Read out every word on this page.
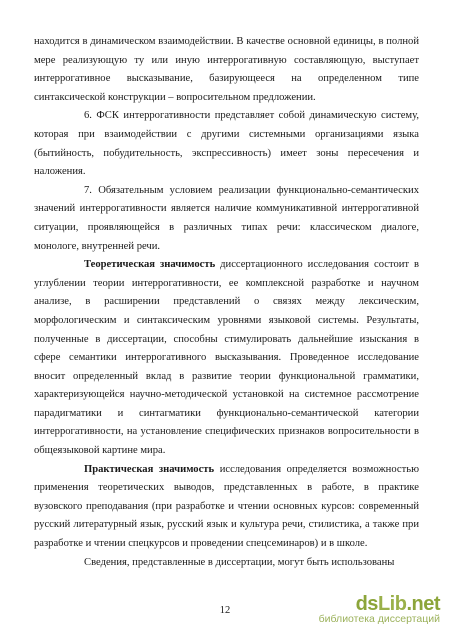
находится в динамическом взаимодействии. В качестве основной единицы, в полной мере реализующую ту или иную интеррогативную составляющую, выступает интеррогативное высказывание, базирующееся на определенном типе синтаксической конструкции – вопросительном предложении.

6. ФСК интеррогативности представляет собой динамическую систему, которая при взаимодействии с другими системными организациями языка (бытийность, побудительность, экспрессивность) имеет зоны пересечения и наложения.

7. Обязательным условием реализации функционально-семантических значений интеррогативности является наличие коммуникативной интеррогативной ситуации, проявляющейся в различных типах речи: классическом диалоге, монологе, внутренней речи.

Теоретическая значимость диссертационного исследования состоит в углублении теории интеррогативности, ее комплексной разработке и научном анализе, в расширении представлений о связях между лексическим, морфологическим и синтаксическим уровнями языковой системы. Результаты, полученные в диссертации, способны стимулировать дальнейшие изыскания в сфере семантики интеррогативного высказывания. Проведенное исследование вносит определенный вклад в развитие теории функциональной грамматики, характеризующейся научно-методической установкой на системное рассмотрение парадигматики и синтагматики функционально-семантической категории интеррогативности, на установление специфических признаков вопросительности в общеязыковой картине мира.

Практическая значимость исследования определяется возможностью применения теоретических выводов, представленных в работе, в практике вузовского преподавания (при разработке и чтении основных курсов: современный русский литературный язык, русский язык и культура речи, стилистика, а также при разработке и чтении спецкурсов и проведении спецсеминаров) и в школе.

Сведения, представленные в диссертации, могут быть использованы

12	dsLib.net
библиотека диссертаций
